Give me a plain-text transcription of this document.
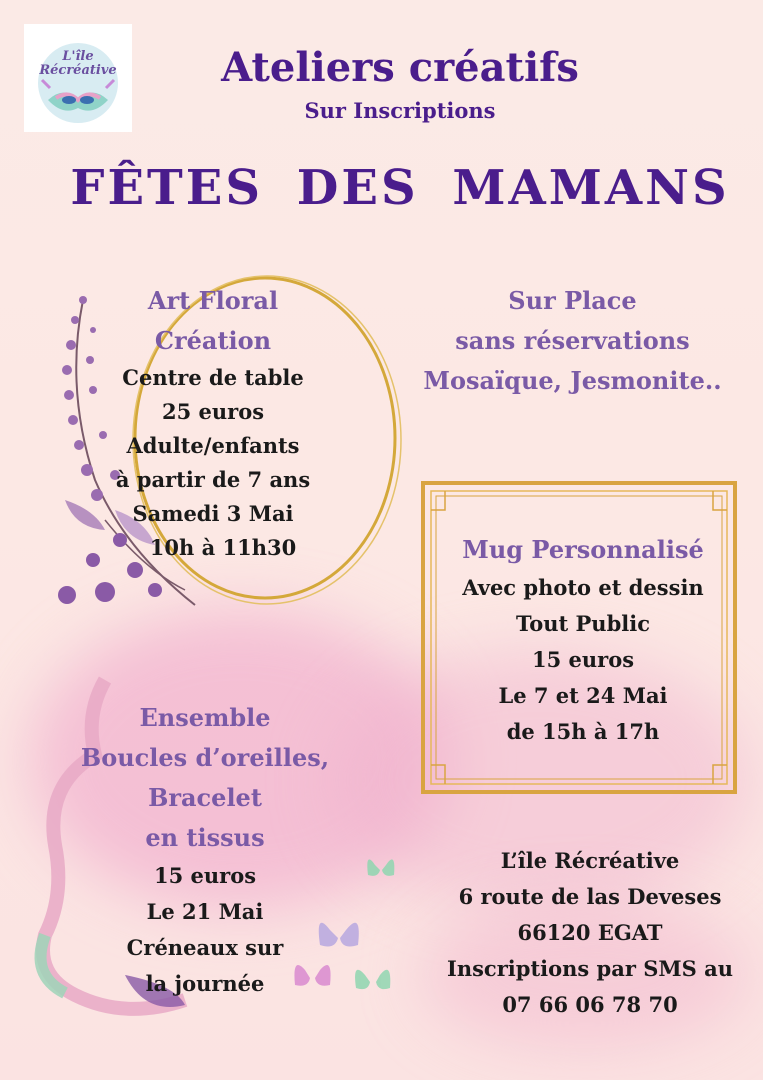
L'île
Récréative	Ateliers créatifs
Sur Inscriptions
FÊTES DES MAMANS
Art Floral
Création
Centre de table
25 euros
Adulte/enfants
à partir de 7 ans
Samedi 3 Mai
10h à 11h30
Sur Place
sans réservations
Mosaïque, Jesmonite..
Mug Personnalisé
Avec photo et dessin
Tout Public
15 euros
Le 7 et 24 Mai
de 15h à 17h
Ensemble
Boucles d’oreilles,
Bracelet
en tissus
15 euros
Le 21 Mai
Créneaux sur
la journée
L’île Récréative
6 route de las Deveses
66120 EGAT
Inscriptions par SMS au
07 66 06 78 70
